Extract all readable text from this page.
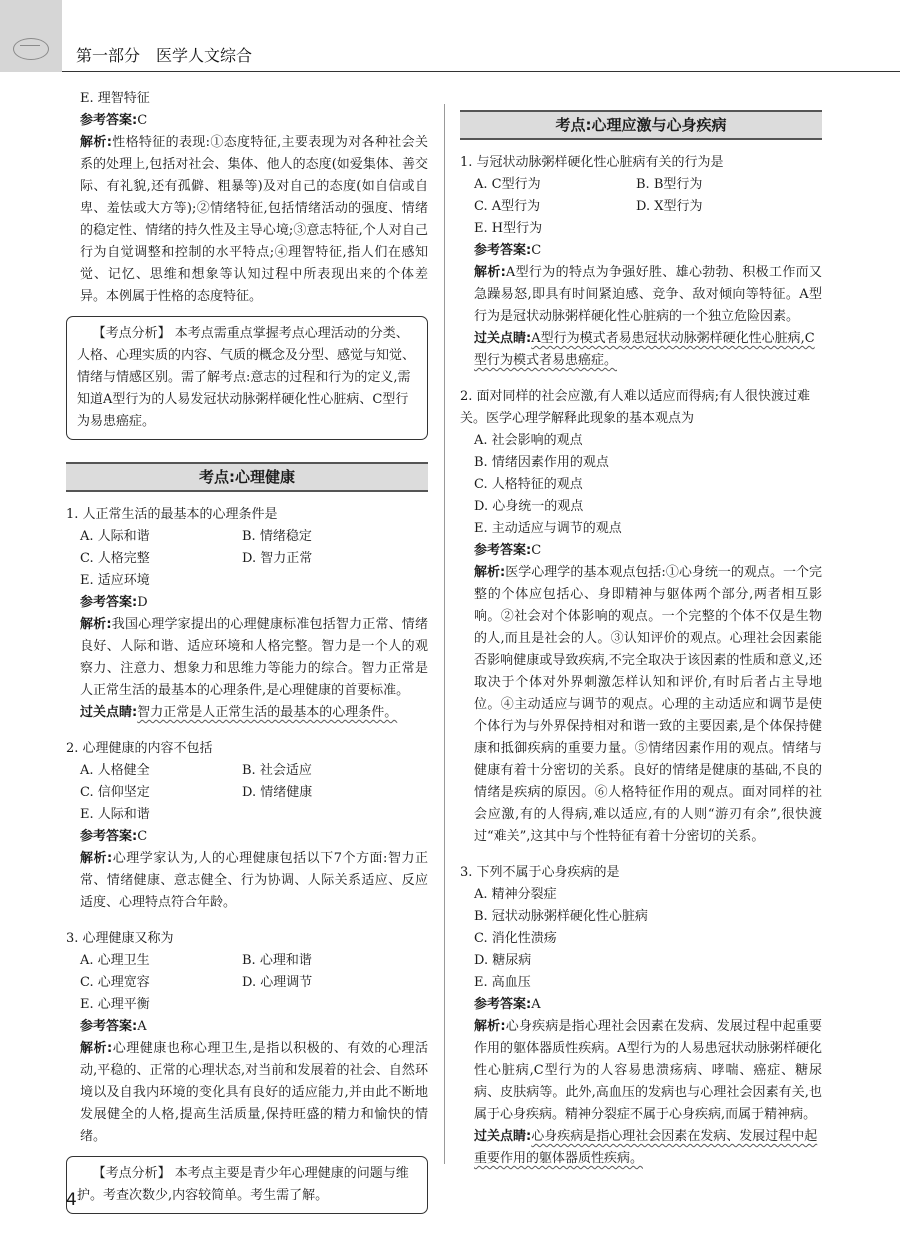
第一部分　医学人文综合
E. 理智特征
参考答案:C
解析:性格特征的表现:①态度特征,主要表现为对各种社会关系的处理上,包括对社会、集体、他人的态度(如爱集体、善交际、有礼貌,还有孤僻、粗暴等)及对自己的态度(如自信或自卑、羞怯或大方等);②情绪特征,包括情绪活动的强度、情绪的稳定性、情绪的持久性及主导心境;③意志特征,个人对自己行为自觉调整和控制的水平特点;④理智特征,指人们在感知觉、记忆、思维和想象等认知过程中所表现出来的个体差异。本例属于性格的态度特征。
【考点分析】 本考点需重点掌握考点心理活动的分类、人格、心理实质的内容、气质的概念及分型、感觉与知觉、情绪与情感区别。需了解考点:意志的过程和行为的定义,需知道A型行为的人易发冠状动脉粥样硬化性心脏病、C型行为易患癌症。
考点:心理健康
1. 人正常生活的最基本的心理条件是
A. 人际和谐	B. 情绪稳定
C. 人格完整	D. 智力正常
E. 适应环境
参考答案:D
解析:我国心理学家提出的心理健康标准包括智力正常、情绪良好、人际和谐、适应环境和人格完整。智力是一个人的观察力、注意力、想象力和思维力等能力的综合。智力正常是人正常生活的最基本的心理条件,是心理健康的首要标准。
过关点睛:智力正常是人正常生活的最基本的心理条件。
2. 心理健康的内容不包括
A. 人格健全	B. 社会适应
C. 信仰坚定	D. 情绪健康
E. 人际和谐
参考答案:C
解析:心理学家认为,人的心理健康包括以下7个方面:智力正常、情绪健康、意志健全、行为协调、人际关系适应、反应适度、心理特点符合年龄。
3. 心理健康又称为
A. 心理卫生	B. 心理和谐
C. 心理宽容	D. 心理调节
E. 心理平衡
参考答案:A
解析:心理健康也称心理卫生,是指以积极的、有效的心理活动,平稳的、正常的心理状态,对当前和发展着的社会、自然环境以及自我内环境的变化具有良好的适应能力,并由此不断地发展健全的人格,提高生活质量,保持旺盛的精力和愉快的情绪。
【考点分析】 本考点主要是青少年心理健康的问题与维护。考查次数少,内容较简单。考生需了解。
考点:心理应激与心身疾病
1. 与冠状动脉粥样硬化性心脏病有关的行为是
A. C型行为	B. B型行为
C. A型行为	D. X型行为
E. H型行为
参考答案:C
解析:A型行为的特点为争强好胜、雄心勃勃、积极工作而又急躁易怒,即具有时间紧迫感、竞争、敌对倾向等特征。A型行为是冠状动脉粥样硬化性心脏病的一个独立危险因素。
过关点睛:A型行为模式者易患冠状动脉粥样硬化性心脏病,C型行为模式者易患癌症。
2. 面对同样的社会应激,有人难以适应而得病;有人很快渡过难关。医学心理学解释此现象的基本观点为
A. 社会影响的观点
B. 情绪因素作用的观点
C. 人格特征的观点
D. 心身统一的观点
E. 主动适应与调节的观点
参考答案:C
解析:医学心理学的基本观点包括:①心身统一的观点。一个完整的个体应包括心、身即精神与躯体两个部分,两者相互影响。②社会对个体影响的观点。一个完整的个体不仅是生物的人,而且是社会的人。③认知评价的观点。心理社会因素能否影响健康或导致疾病,不完全取决于该因素的性质和意义,还取决于个体对外界刺激怎样认知和评价,有时后者占主导地位。④主动适应与调节的观点。心理的主动适应和调节是使个体行为与外界保持相对和谐一致的主要因素,是个体保持健康和抵御疾病的重要力量。⑤情绪因素作用的观点。情绪与健康有着十分密切的关系。良好的情绪是健康的基础,不良的情绪是疾病的原因。⑥人格特征作用的观点。面对同样的社会应激,有的人得病,难以适应,有的人则“游刃有余”,很快渡过“难关”,这其中与个性特征有着十分密切的关系。
3. 下列不属于心身疾病的是
A. 精神分裂症
B. 冠状动脉粥样硬化性心脏病
C. 消化性溃疡
D. 糖尿病
E. 高血压
参考答案:A
解析:心身疾病是指心理社会因素在发病、发展过程中起重要作用的躯体器质性疾病。A型行为的人易患冠状动脉粥样硬化性心脏病,C型行为的人容易患溃疡病、哮喘、癌症、糖尿病、皮肤病等。此外,高血压的发病也与心理社会因素有关,也属于心身疾病。精神分裂症不属于心身疾病,而属于精神病。
过关点睛:心身疾病是指心理社会因素在发病、发展过程中起重要作用的躯体器质性疾病。
4
